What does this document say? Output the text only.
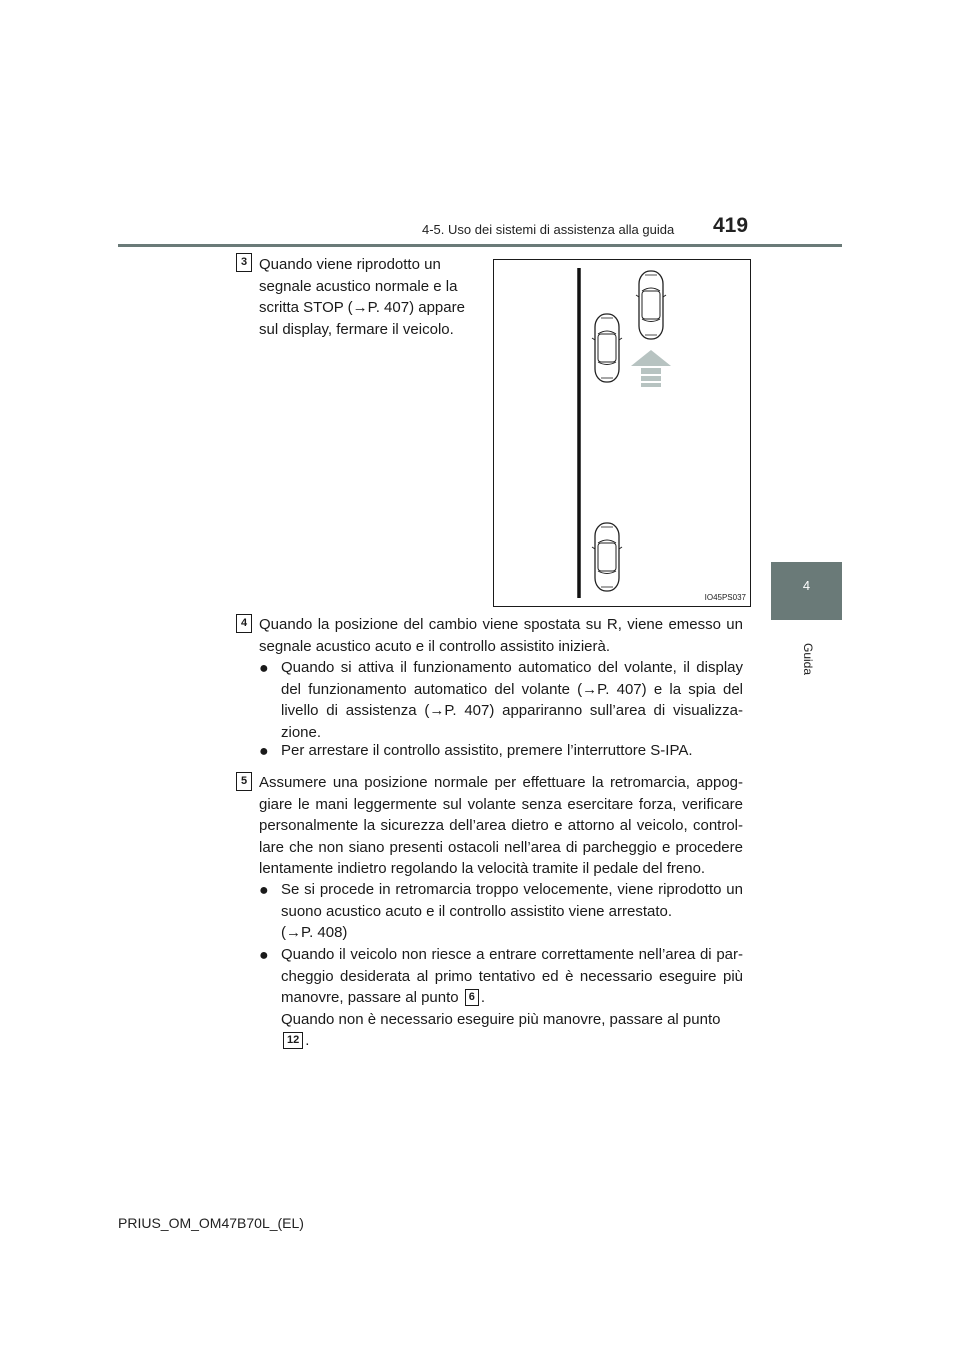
4-5. Uso dei sistemi di assistenza alla guida 419
4
Guida
3 Quando viene riprodotto un
segnale acustico normale e la
scritta STOP (→P. 407) appare
sul display, fermare il veicolo.
IO45PS037
4 Quando la posizione del cambio viene spostata su R, viene emesso un segnale acustico acuto e il controllo assistito inizierà.
● Quando si attiva il funzionamento automatico del volante, il display del funzionamento automatico del volante (→P. 407) e la spia del livello di assistenza (→P. 407) appariranno sull’area di visualizza-zione.
● Per arrestare il controllo assistito, premere l’interruttore S-IPA.
5 Assumere una posizione normale per effettuare la retromarcia, appog-giare le mani leggermente sul volante senza esercitare forza, verificare personalmente la sicurezza dell’area dietro e attorno al veicolo, control-lare che non siano presenti ostacoli nell’area di parcheggio e procedere lentamente indietro regolando la velocità tramite il pedale del freno.
● Se si procede in retromarcia troppo velocemente, viene riprodotto un suono acustico acuto e il controllo assistito viene arrestato.
(→P. 408)
● Quando il veicolo non riesce a entrare correttamente nell’area di par-cheggio desiderata al primo tentativo ed è necessario eseguire più manovre, passare al punto 6 .
Quando non è necessario eseguire più manovre, passare al punto
12 .
PRIUS_OM_OM47B70L_(EL)
